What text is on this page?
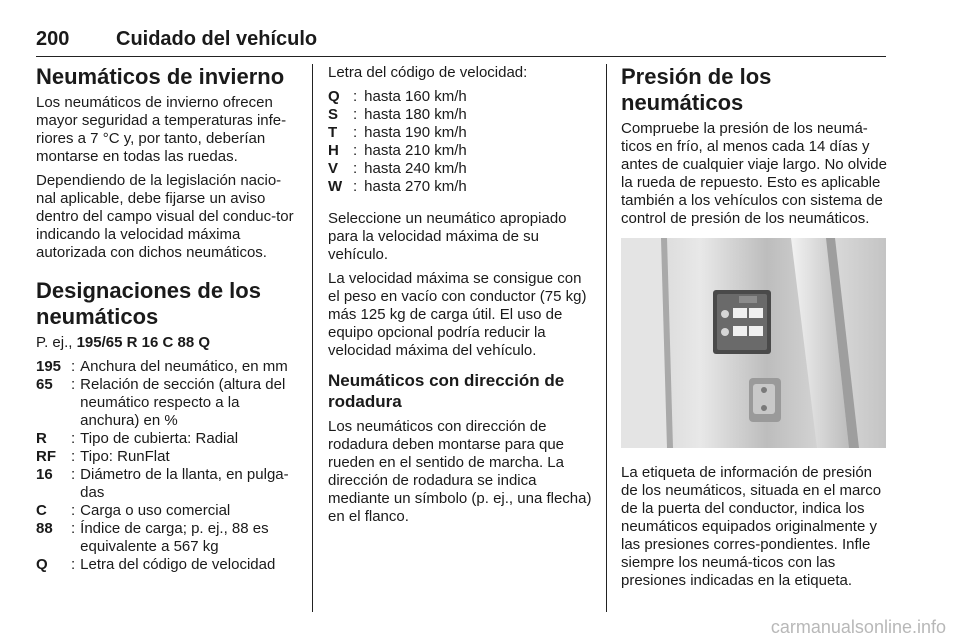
200 Cuidado del vehículo
Neumáticos de invierno

Los neumáticos de invierno ofrecen mayor seguridad a temperaturas infe-riores a 7 °C y, por tanto, deberían montarse en todas las ruedas.

Dependiendo de la legislación nacio-nal aplicable, debe fijarse un aviso dentro del campo visual del conduc-tor indicando la velocidad máxima autorizada con dichos neumáticos.

Designaciones de los neumáticos

P. ej., 195/65 R 16 C 88 Q

195 : Anchura del neumático, en mm
65	: Relación de sección (altura del neumático respecto a la anchura) en %
R	: Tipo de cubierta: Radial
RF	: Tipo: RunFlat
16	: Diámetro de la llanta, en pulga-das
C	: Carga o uso comercial
88	: Índice de carga; p. ej., 88 es equivalente a 567 kg
Q	: Letra del código de velocidad

Letra del código de velocidad:

Q : hasta 160 km/h
S : hasta 180 km/h
T	: hasta 190 km/h
H : hasta 210 km/h
V : hasta 240 km/h
W : hasta 270 km/h

Seleccione un neumático apropiado para la velocidad máxima de su vehículo.

La velocidad máxima se consigue con el peso en vacío con conductor (75 kg) más 125 kg de carga útil. El uso de equipo opcional podría reducir la velocidad máxima del vehículo.

Neumáticos con dirección de rodadura

Los neumáticos con dirección de rodadura deben montarse para que rueden en el sentido de marcha. La dirección de rodadura se indica mediante un símbolo (p. ej., una flecha) en el flanco.

Presión de los neumáticos

Compruebe la presión de los neumá-ticos en frío, al menos cada 14 días y antes de cualquier viaje largo. No olvide la rueda de repuesto. Esto es aplicable también a los vehículos con sistema de control de presión de los neumáticos.

La etiqueta de información de presión de los neumáticos, situada en el marco de la puerta del conductor, indica los neumáticos equipados originalmente y las presiones corres-pondientes. Infle siempre los neumá-ticos con las presiones indicadas en la etiqueta.

carmanualsonline.info
